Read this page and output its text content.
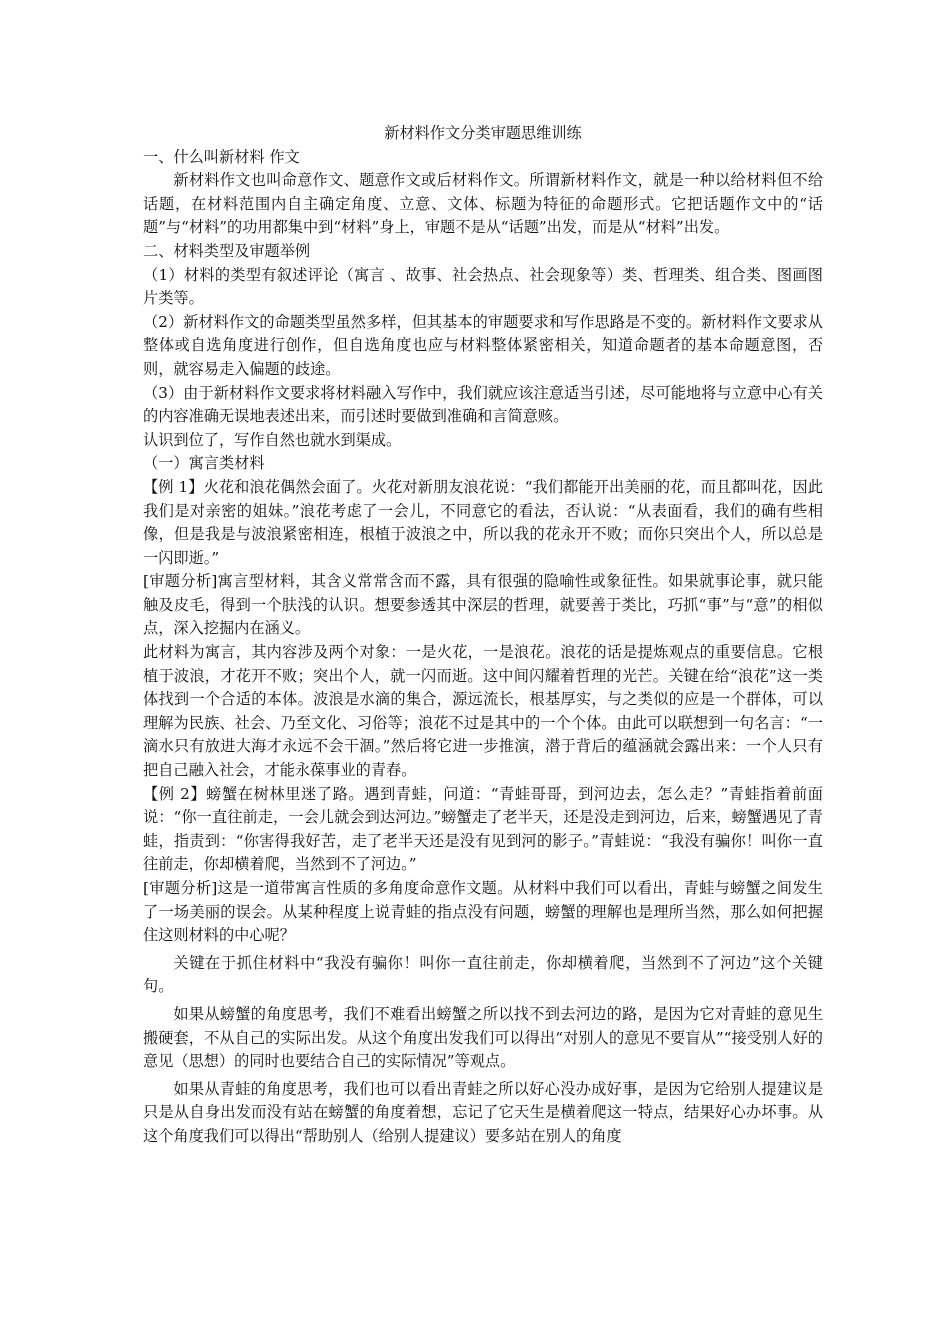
新材料作文分类审题思维训练
一、什么叫新材料 作文
新材料作文也叫命意作文、题意作文或后材料作文。所谓新材料作文，就是一种以给材料但不给话题，在材料范围内自主确定角度、立意、文体、标题为特征的命题形式。它把话题作文中的“话题”与“材料”的功用都集中到“材料”身上，审题不是从“话题”出发，而是从“材料”出发。
二、材料类型及审题举例
（1）材料的类型有叙述评论（寓言 、故事、社会热点、社会现象等）类、哲理类、组合类、图画图片类等。
（2）新材料作文的命题类型虽然多样，但其基本的审题要求和写作思路是不变的。新材料作文要求从整体或自选角度进行创作，但自选角度也应与材料整体紧密相关，知道命题者的基本命题意图，否则，就容易走入偏题的歧途。
（3）由于新材料作文要求将材料融入写作中，我们就应该注意适当引述，尽可能地将与立意中心有关的内容准确无误地表述出来，而引述时要做到准确和言简意赅。
认识到位了，写作自然也就水到渠成。
（一）寓言类材料
【例 1】火花和浪花偶然会面了。火花对新朋友浪花说：“我们都能开出美丽的花，而且都叫花，因此我们是对亲密的姐妹。”浪花考虑了一会儿，不同意它的看法，否认说：“从表面看，我们的确有些相像，但是我是与波浪紧密相连，根植于波浪之中，所以我的花永开不败；而你只突出个人，所以总是一闪即逝。”
[审题分析]寓言型材料，其含义常常含而不露，具有很强的隐喻性或象征性。如果就事论事，就只能触及皮毛，得到一个肤浅的认识。想要参透其中深层的哲理，就要善于类比，巧抓“事”与“意”的相似点，深入挖掘内在涵义。
此材料为寓言，其内容涉及两个对象：一是火花，一是浪花。浪花的话是提炼观点的重要信息。它根植于波浪，才花开不败；突出个人，就一闪而逝。这中间闪耀着哲理的光芒。关键在给“浪花”这一类体找到一个合适的本体。波浪是水滴的集合，源远流长，根基厚实，与之类似的应是一个群体，可以理解为民族、社会、乃至文化、习俗等；浪花不过是其中的一个个体。由此可以联想到一句名言：“一滴水只有放进大海才永远不会干涸。”然后将它进一步推演，潜于背后的蕴涵就会露出来：一个人只有把自己融入社会，才能永葆事业的青春。
【例 2】螃蟹在树林里迷了路。遇到青蛙，问道：“青蛙哥哥，到河边去，怎么走？”青蛙指着前面说：“你一直往前走，一会儿就会到达河边。”螃蟹走了老半天，还是没走到河边，后来，螃蟹遇见了青蛙，指责到：“你害得我好苦，走了老半天还是没有见到河的影子。”青蛙说：“我没有骗你！叫你一直往前走，你却横着爬，当然到不了河边。”
[审题分析]这是一道带寓言性质的多角度命意作文题。从材料中我们可以看出，青蛙与螃蟹之间发生了一场美丽的误会。从某种程度上说青蛙的指点没有问题，螃蟹的理解也是理所当然，那么如何把握住这则材料的中心呢？
关键在于抓住材料中“我没有骗你！叫你一直往前走，你却横着爬，当然到不了河边”这个关键句。
如果从螃蟹的角度思考，我们不难看出螃蟹之所以找不到去河边的路，是因为它对青蛙的意见生搬硬套，不从自己的实际出发。从这个角度出发我们可以得出“对别人的意见不要盲从”“接受别人好的意见（思想）的同时也要结合自己的实际情况”等观点。
如果从青蛙的角度思考，我们也可以看出青蛙之所以好心没办成好事，是因为它给别人提建议是只是从自身出发而没有站在螃蟹的角度着想，忘记了它天生是横着爬这一特点，结果好心办坏事。从这个角度我们可以得出“帮助别人（给别人提建议）要多站在别人的角度
